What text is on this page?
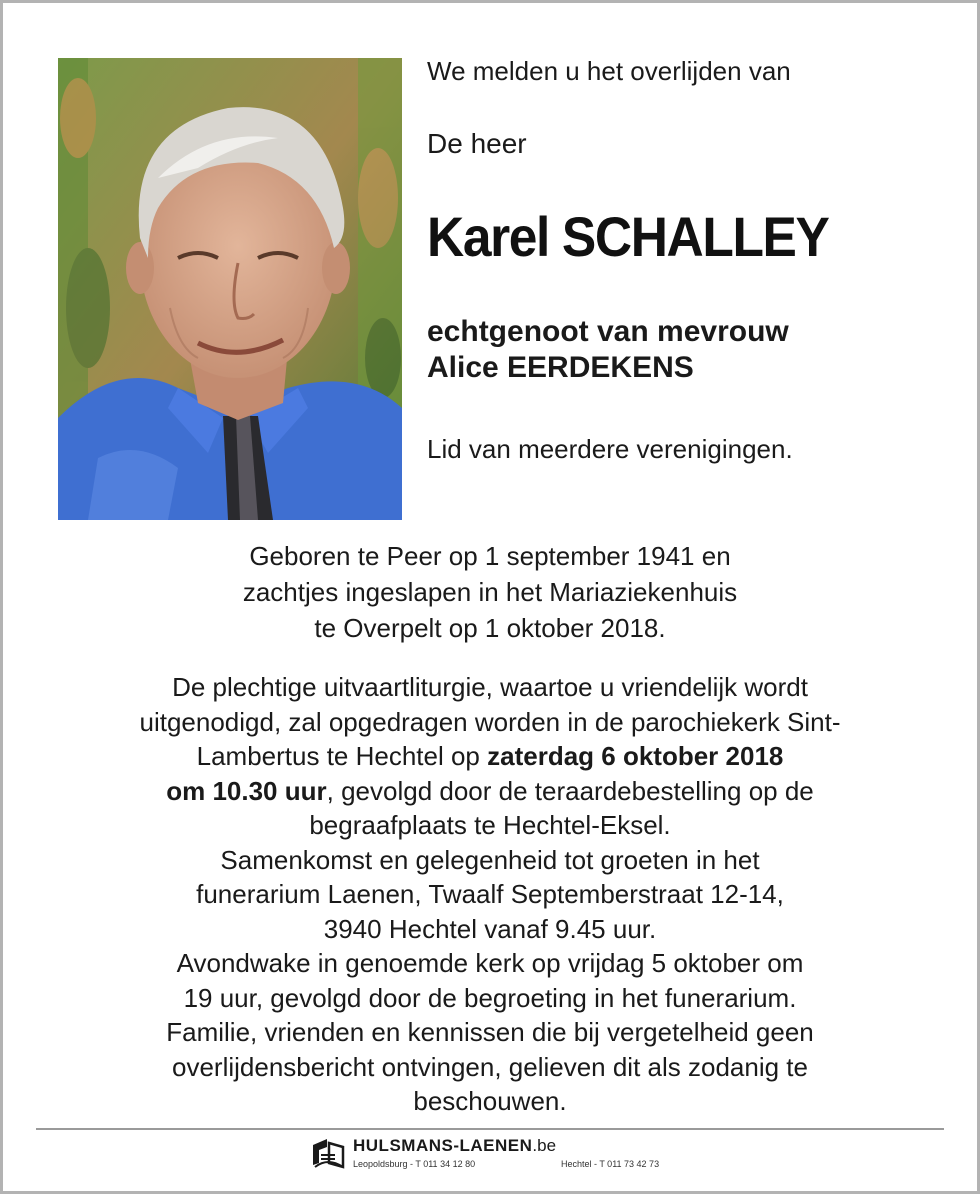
We melden u het overlijden van
De heer
Karel SCHALLEY
echtgenoot van mevrouw
Alice EERDEKENS
Lid van meerdere verenigingen.
Geboren te Peer op 1 september 1941 en
zachtjes ingeslapen in het Mariaziekenhuis
te Overpelt op 1 oktober 2018.
De plechtige uitvaartliturgie, waartoe u vriendelijk wordt
uitgenodigd, zal opgedragen worden in de parochiekerk Sint-
Lambertus te Hechtel op zaterdag 6 oktober 2018
om 10.30 uur, gevolgd door de teraardebestelling op de
begraafplaats te Hechtel-Eksel.
Samenkomst en gelegenheid tot groeten in het
funerarium Laenen, Twaalf Septemberstraat 12-14,
3940 Hechtel vanaf 9.45 uur.
Avondwake in genoemde kerk op vrijdag 5 oktober om
19 uur, gevolgd door de begroeting in het funerarium.
Familie, vrienden en kennissen die bij vergetelheid geen
overlijdensbericht ontvingen, gelieven dit als zodanig te
beschouwen.
HULSMANS-LAENEN.be
Leopoldsburg - T 011 34 12 80	Hechtel - T 011 73 42 73
